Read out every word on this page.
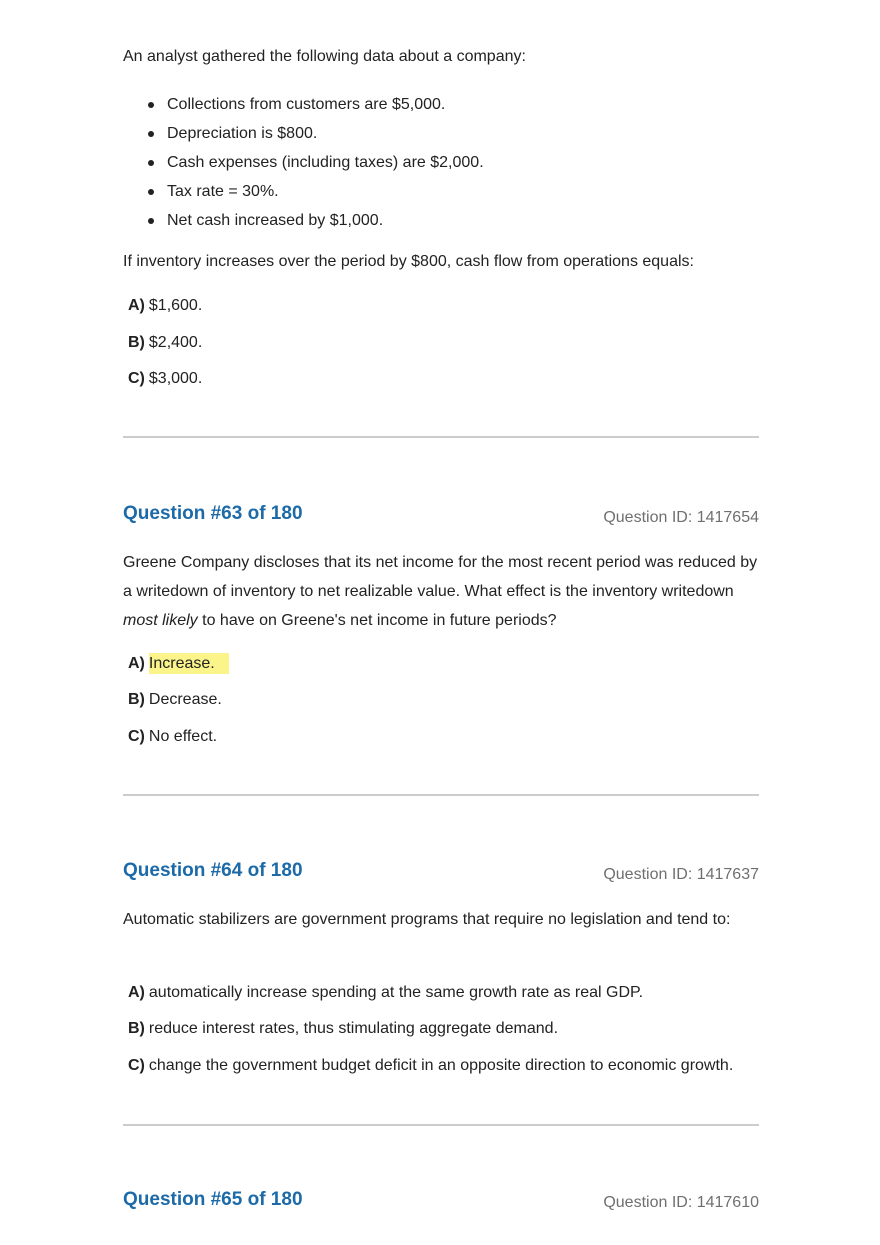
An analyst gathered the following data about a company:

Collections from customers are $5,000.
Depreciation is $800.
Cash expenses (including taxes) are $2,000.
Tax rate = 30%.
Net cash increased by $1,000.
If inventory increases over the period by $800, cash flow from operations equals:
A) $1,600.
B) $2,400.
C) $3,000.
Question #63 of 180	Question ID: 1417654
Greene Company discloses that its net income for the most recent period was reduced by a writedown of inventory to net realizable value. What effect is the inventory writedown most likely to have on Greene's net income in future periods?
A) Increase.
B) Decrease.
C) No effect.
Question #64 of 180	Question ID: 1417637
Automatic stabilizers are government programs that require no legislation and tend to:
A) automatically increase spending at the same growth rate as real GDP.
B) reduce interest rates, thus stimulating aggregate demand.
C) change the government budget deficit in an opposite direction to economic growth.
Question #65 of 180	Question ID: 1417610
